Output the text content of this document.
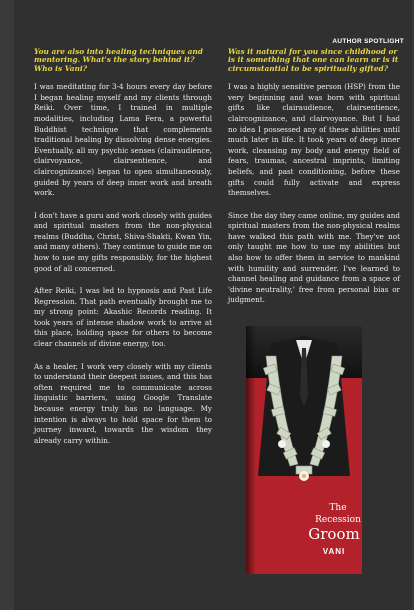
AUTHOR SPOTLIGHT

You are also into healing techniques and mentoring. What's the story behind it? Who is Vani?

I was meditating for 3-4 hours every day before I began healing myself and my clients through Reiki. Over time, I trained in multiple modalities, including Lama Fera, a powerful Buddhist technique that complements traditional healing by dissolving dense energies. Eventually, all my psychic senses (clairaudience, clairvoyance, clairsentience, and claircognizance) began to open simultaneously, guided by years of deep inner work and breath work.

I don't have a guru and work closely with guides and spiritual masters from the non-physical realms (Buddha, Christ, Shiva-Shakti, Kwan Yin, and many others). They continue to guide me on how to use my gifts responsibly, for the highest good of all concerned.

After Reiki, I was led to hypnosis and Past Life Regression. That path eventually brought me to my strong point: Akashic Records reading. It took years of intense shadow work to arrive at this place, holding space for others to become clear channels of divine energy, too.

As a healer, I work very closely with my clients to understand their deepest issues, and this has often required me to communicate across linguistic barriers, using Google Translate because energy truly has no language. My intention is always to hold space for them to journey inward, towards the wisdom they already carry within.

Was it natural for you since childhood or is it something that one can learn or is it circumstantial to be spiritually gifted?

I was a highly sensitive person (HSP) from the very beginning and was born with spiritual gifts like clairaudience, clairsentience, claircognizance, and clairvoyance. But I had no idea I possessed any of these abilities until much later in life. It took years of deep inner work, cleansing my body and energy field of fears, traumas, ancestral imprints, limiting beliefs, and past conditioning, before these gifts could fully activate and express themselves.

Since the day they came online, my guides and spiritual masters from the non-physical realms have walked this path with me. They've not only taught me how to use my abilities but also how to offer them in service to mankind with humility and surrender. I've learned to channel healing and guidance from a space of 'divine neutrality,' free from personal bias or judgment.

The
Recession
Groom
VANI
